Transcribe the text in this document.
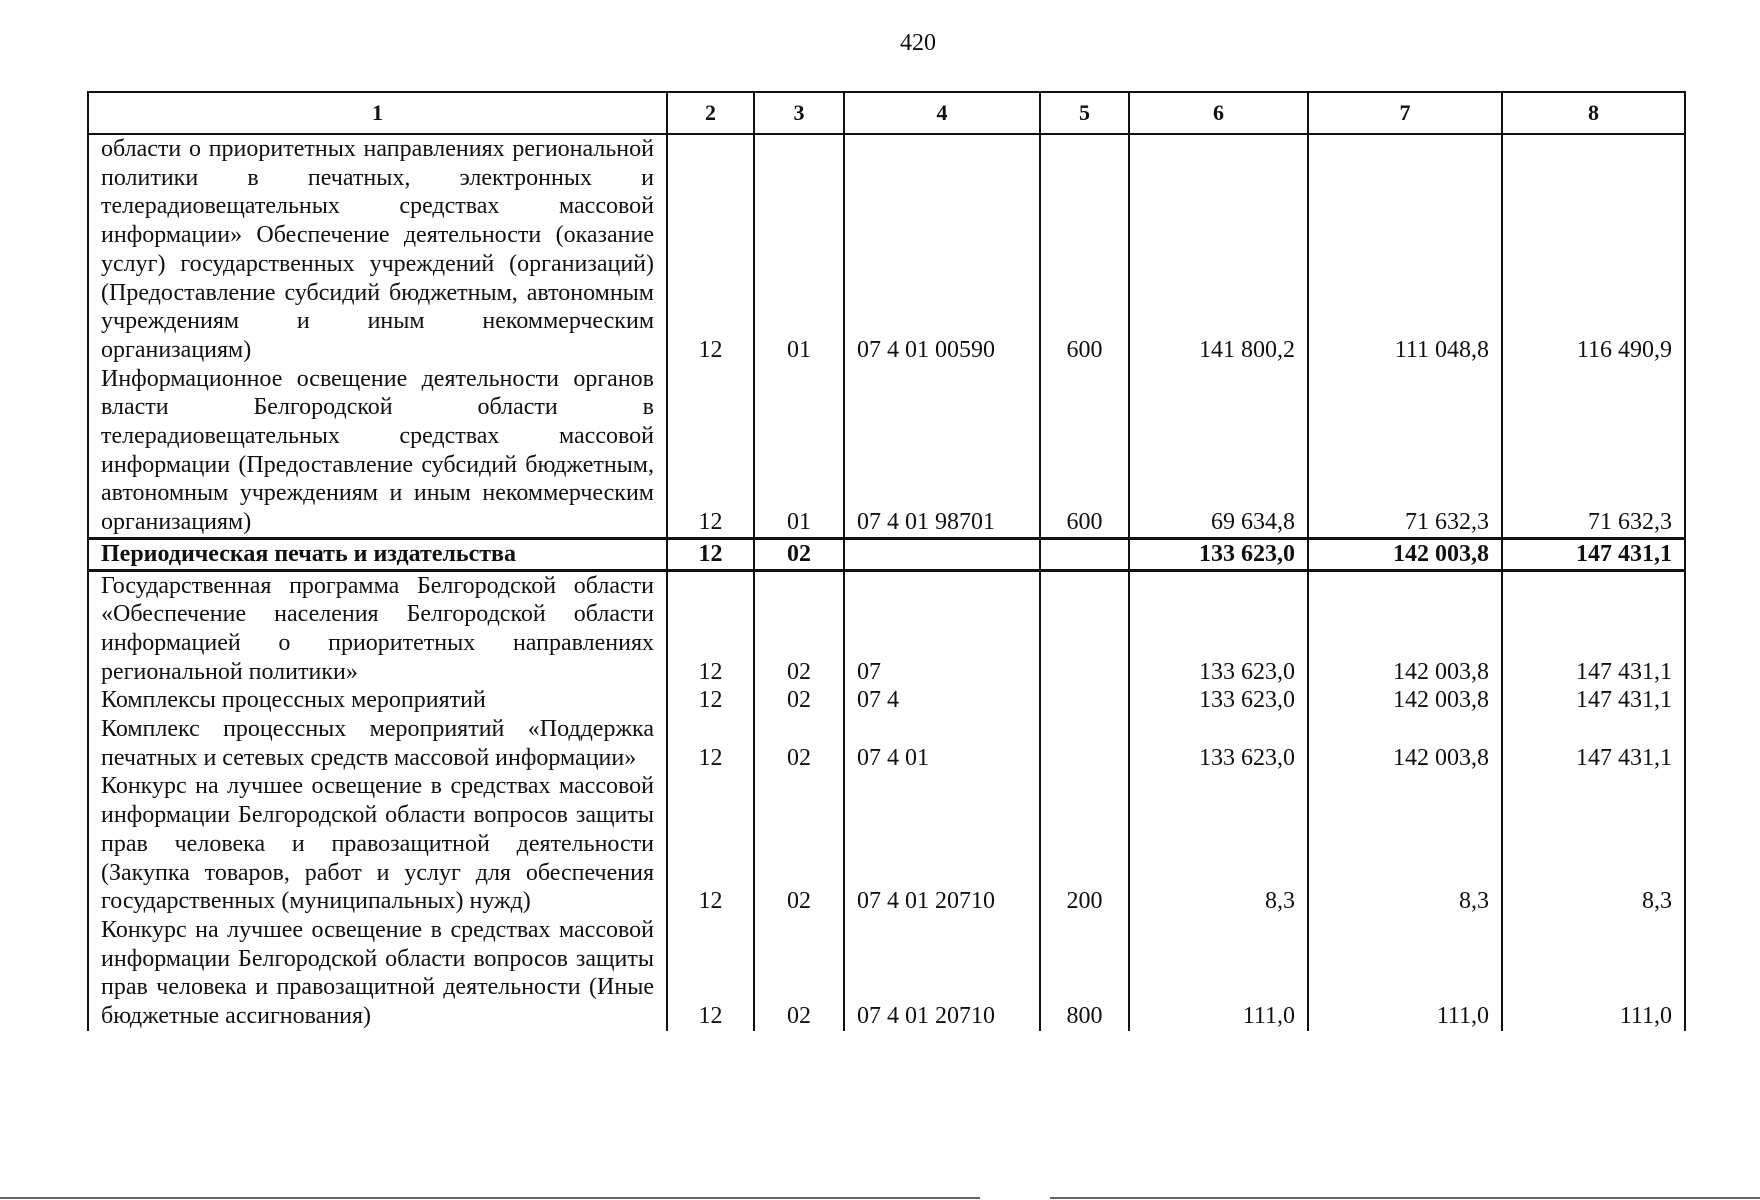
420
1	2	3	4	5	6	7	8
области о приоритетных направлениях региональной политики в печатных, электронных и телерадиовещательных средствах массовой информации» Обеспечение деятельности (оказание услуг) государственных учреждений (организаций) (Предоставление субсидий бюджетным, автономным учреждениям и иным некоммерческим организациям)	12	01	07 4 01 00590	600	141 800,2	111 048,8	116 490,9
Информационное освещение деятельности органов власти Белгородской области в телерадиовещательных средствах массовой информации (Предоставление субсидий бюджетным, автономным учреждениям и иным некоммерческим организациям)	12	01	07 4 01 98701	600	69 634,8	71 632,3	71 632,3
Периодическая печать и издательства	12	02			133 623,0	142 003,8	147 431,1
Государственная программа Белгородской области «Обеспечение населения Белгородской области информацией о приоритетных направлениях региональной политики»	12	02	07		133 623,0	142 003,8	147 431,1
Комплексы процессных мероприятий	12	02	07 4		133 623,0	142 003,8	147 431,1
Комплекс процессных мероприятий «Поддержка печатных и сетевых средств массовой информации»	12	02	07 4 01		133 623,0	142 003,8	147 431,1
Конкурс на лучшее освещение в средствах массовой информации Белгородской области вопросов защиты прав человека и правозащитной деятельности (Закупка товаров, работ и услуг для обеспечения государственных (муниципальных) нужд)	12	02	07 4 01 20710	200	8,3	8,3	8,3
Конкурс на лучшее освещение в средствах массовой информации Белгородской области вопросов защиты прав человека и правозащитной деятельности (Иные бюджетные ассигнования)	12	02	07 4 01 20710	800	111,0	111,0	111,0
